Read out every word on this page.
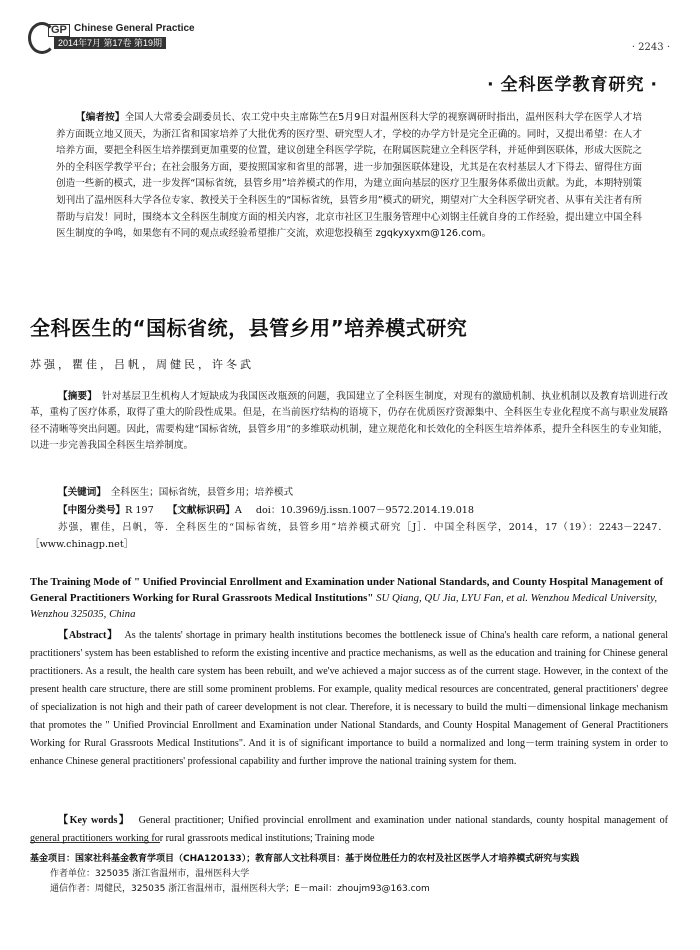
GP Chinese General Practice
2014年7月 第17卷 第19期	· 2243 ·
· 全科医学教育研究 ·
【编者按】全国人大常委会副委员长、农工党中央主席陈竺在5月9日对温州医科大学的视察调研时指出，温州医科大学在医学人才培养方面既立地又顶天，为浙江省和国家培养了大批优秀的医疗型、研究型人才，学校的办学方针是完全正确的。同时，又提出希望：在人才培养方面，要把全科医生培养摆到更加重要的位置，建议创建全科医学学院，在附属医院建立全科医学科，并延伸到医联体，形成大医院之外的全科医学教学平台；在社会服务方面，要按照国家和省里的部署，进一步加强医联体建设，尤其是在农村基层人才下得去、留得住方面创造一些新的模式，进一步发挥“国标省统，县管乡用”培养模式的作用，为建立面向基层的医疗卫生服务体系做出贡献。为此，本期特别策划刊出了温州医科大学各位专家、教授关于全科医生的“国标省统，县管乡用”模式的研究，期望对广大全科医学研究者、从事有关注者有所帮助与启发！同时，围绕本文全科医生制度方面的相关内容，北京市社区卫生服务管理中心刘钢主任就自身的工作经验，提出建立中国全科医生制度的争鸣，如果您有不同的观点或经验希望推广交流，欢迎您投稿至 zgqkyxyxm@126.com。
全科医生的“国标省统，县管乡用”培养模式研究
苏强，瞿佳，吕帆，周健民，许冬武

【摘要】　 针对基层卫生机构人才短缺成为我国医改瓶颈的问题，我国建立了全科医生制度，对现有的激励机制、执业机制以及教育培训进行改革，重构了医疗体系，取得了重大的阶段性成果。但是，在当前医疗结构的语境下，仍存在优质医疗资源集中、全科医生专业化程度不高与职业发展路径不清晰等突出问题。因此，需要构建“国标省统，县管乡用”的多维联动机制，建立规范化和长效化的全科医生培养体系，提升全科医生的专业知能，以进一步完善我国全科医生培养制度。

【关键词】　 全科医生；国标省统，县管乡用；培养模式
【中图分类号】R 197 【文献标识码】A doi：10.3969/j.issn.1007－9572.2014.19.018
苏强，瞿佳，吕帆，等．全科医生的“国标省统，县管乡用”培养模式研究［J］．中国全科医学，2014，17（19）：2243－2247．［www.chinagp.net］
The Training Mode of " Unified Provincial Enrollment and Examination under National Standards, and County Hospital Management of General Practitioners Working for Rural Grassroots Medical Institutions" SU Qiang, QU Jia, LYU Fan, et al. Wenzhou Medical University, Wenzhou 325035, China

【Abstract】 As the talents' shortage in primary health institutions becomes the bottleneck issue of China's health care reform, a national general practitioners' system has been established to reform the existing incentive and practice mechanisms, as well as the education and training for Chinese general practitioners. As a result, the health care system has been rebuilt, and we've achieved a major success as of the current stage. However, in the context of the present health care structure, there are still some prominent problems. For example, quality medical resources are concentrated, general practitioners' degree of specialization is not high and their path of career development is not clear. Therefore, it is necessary to build the multi－dimensional linkage mechanism that promotes the " Unified Provincial Enrollment and Examination under National Standards, and County Hospital Management of General Practitioners Working for Rural Grassroots Medical Institutions". And it is of significant importance to build a normalized and long－term training system in order to enhance Chinese general practitioners' professional capability and further improve the national training system for them.

【Key words】 General practitioner; Unified provincial enrollment and examination under national standards, county hospital management of general practitioners working for rural grassroots medical institutions; Training mode

基金项目：国家社科基金教育学项目（CHA120133）；教育部人文社科项目：基于岗位胜任力的农村及社区医学人才培养模式研究与实践

作者单位：325035 浙江省温州市，温州医科大学

通信作者：周健民，325035 浙江省温州市，温州医科大学；E－mail：zhoujm93@163.com
